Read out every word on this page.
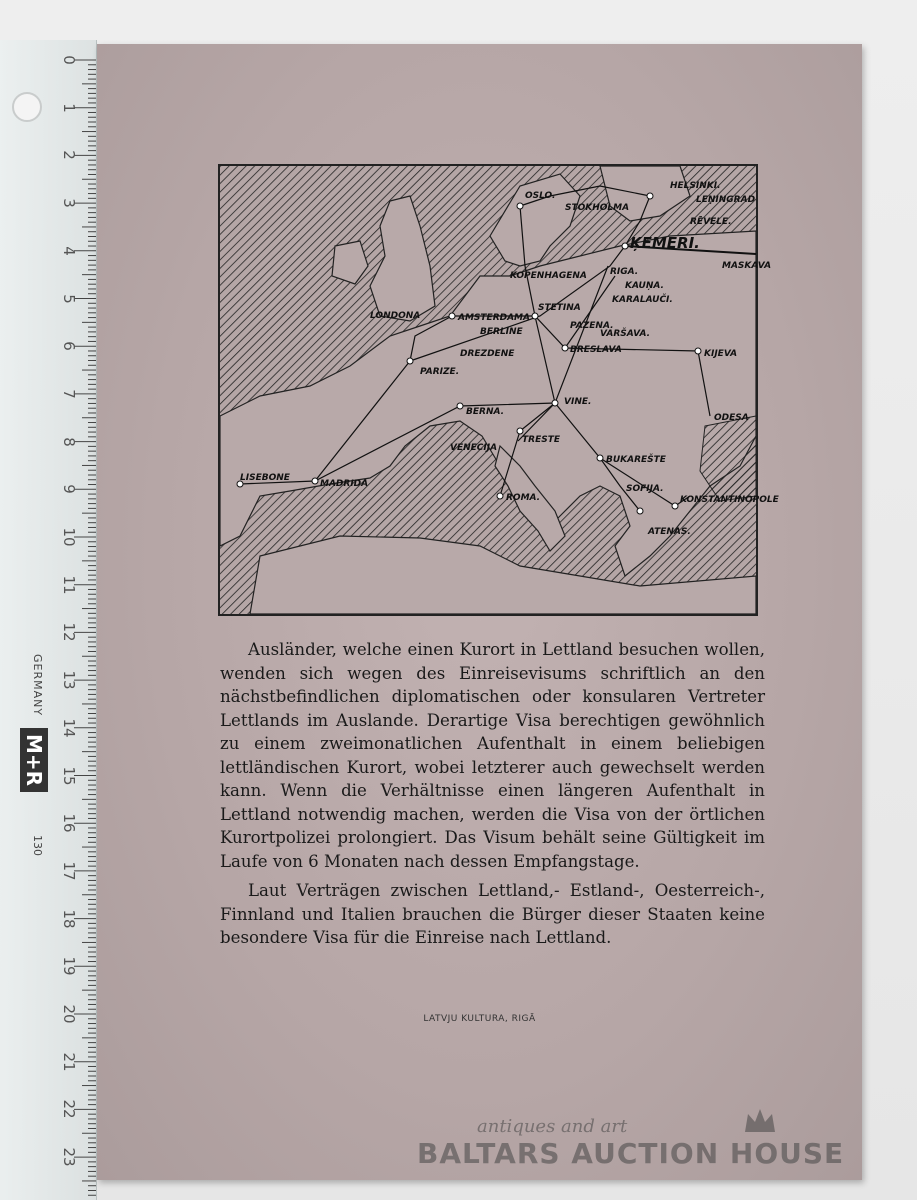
0
1
2
3
4
5
6
7
8
9
10
11
12
13
14
15
16
17
18
19
20
21
22
23
GERMANY
M+R
130
HELSINKI.
LEŅINGRAD
RĒVELE.
ĶEMERI.
MASKAVA
OSLO.
STOKHOLMA
KOPENHAGENA	RIGA.
KAUŅA.
KARALAUČI.
LONDONA	AMSTERDAMA
BERLINE
STETINA
PAZENA.
VARŠAVA.
DREZDENE	BRESLAVA	KIJEVA
PARIZE.
BERNA.
VINE.
ODESA
VENECIJA
TRESTE
BUKAREŠTE
LISEBONE
MADRIDA
ROMA.
SOFIJA.
KONSTANTINOPOLE
ATENAS.

Ausländer, welche einen Kurort in Lettland besuchen wollen, wenden sich wegen des Einreisevisums schriftlich an den nächstbefindlichen diplomatischen oder konsularen Vertreter Lettlands im Auslande. Derartige Visa berechtigen gewöhnlich zu einem zweimonatlichen Aufenthalt in einem beliebigen lettländischen Kurort, wobei letzterer auch gewechselt werden kann. Wenn die Verhältnisse einen längeren Aufenthalt in Lettland notwendig machen, werden die Visa von der örtlichen Kurortpolizei prolongiert. Das Visum behält seine Gültigkeit im Laufe von 6 Monaten nach dessen Empfangstage.

Laut Verträgen zwischen Lettland,- Estland-, Oesterreich-, Finnland und Italien brauchen die Bürger dieser Staaten keine besondere Visa für die Einreise nach Lettland.

LATVJU KULTURA, RIGĀ
antiques and art
BALTARS AUCTION HOUSE
